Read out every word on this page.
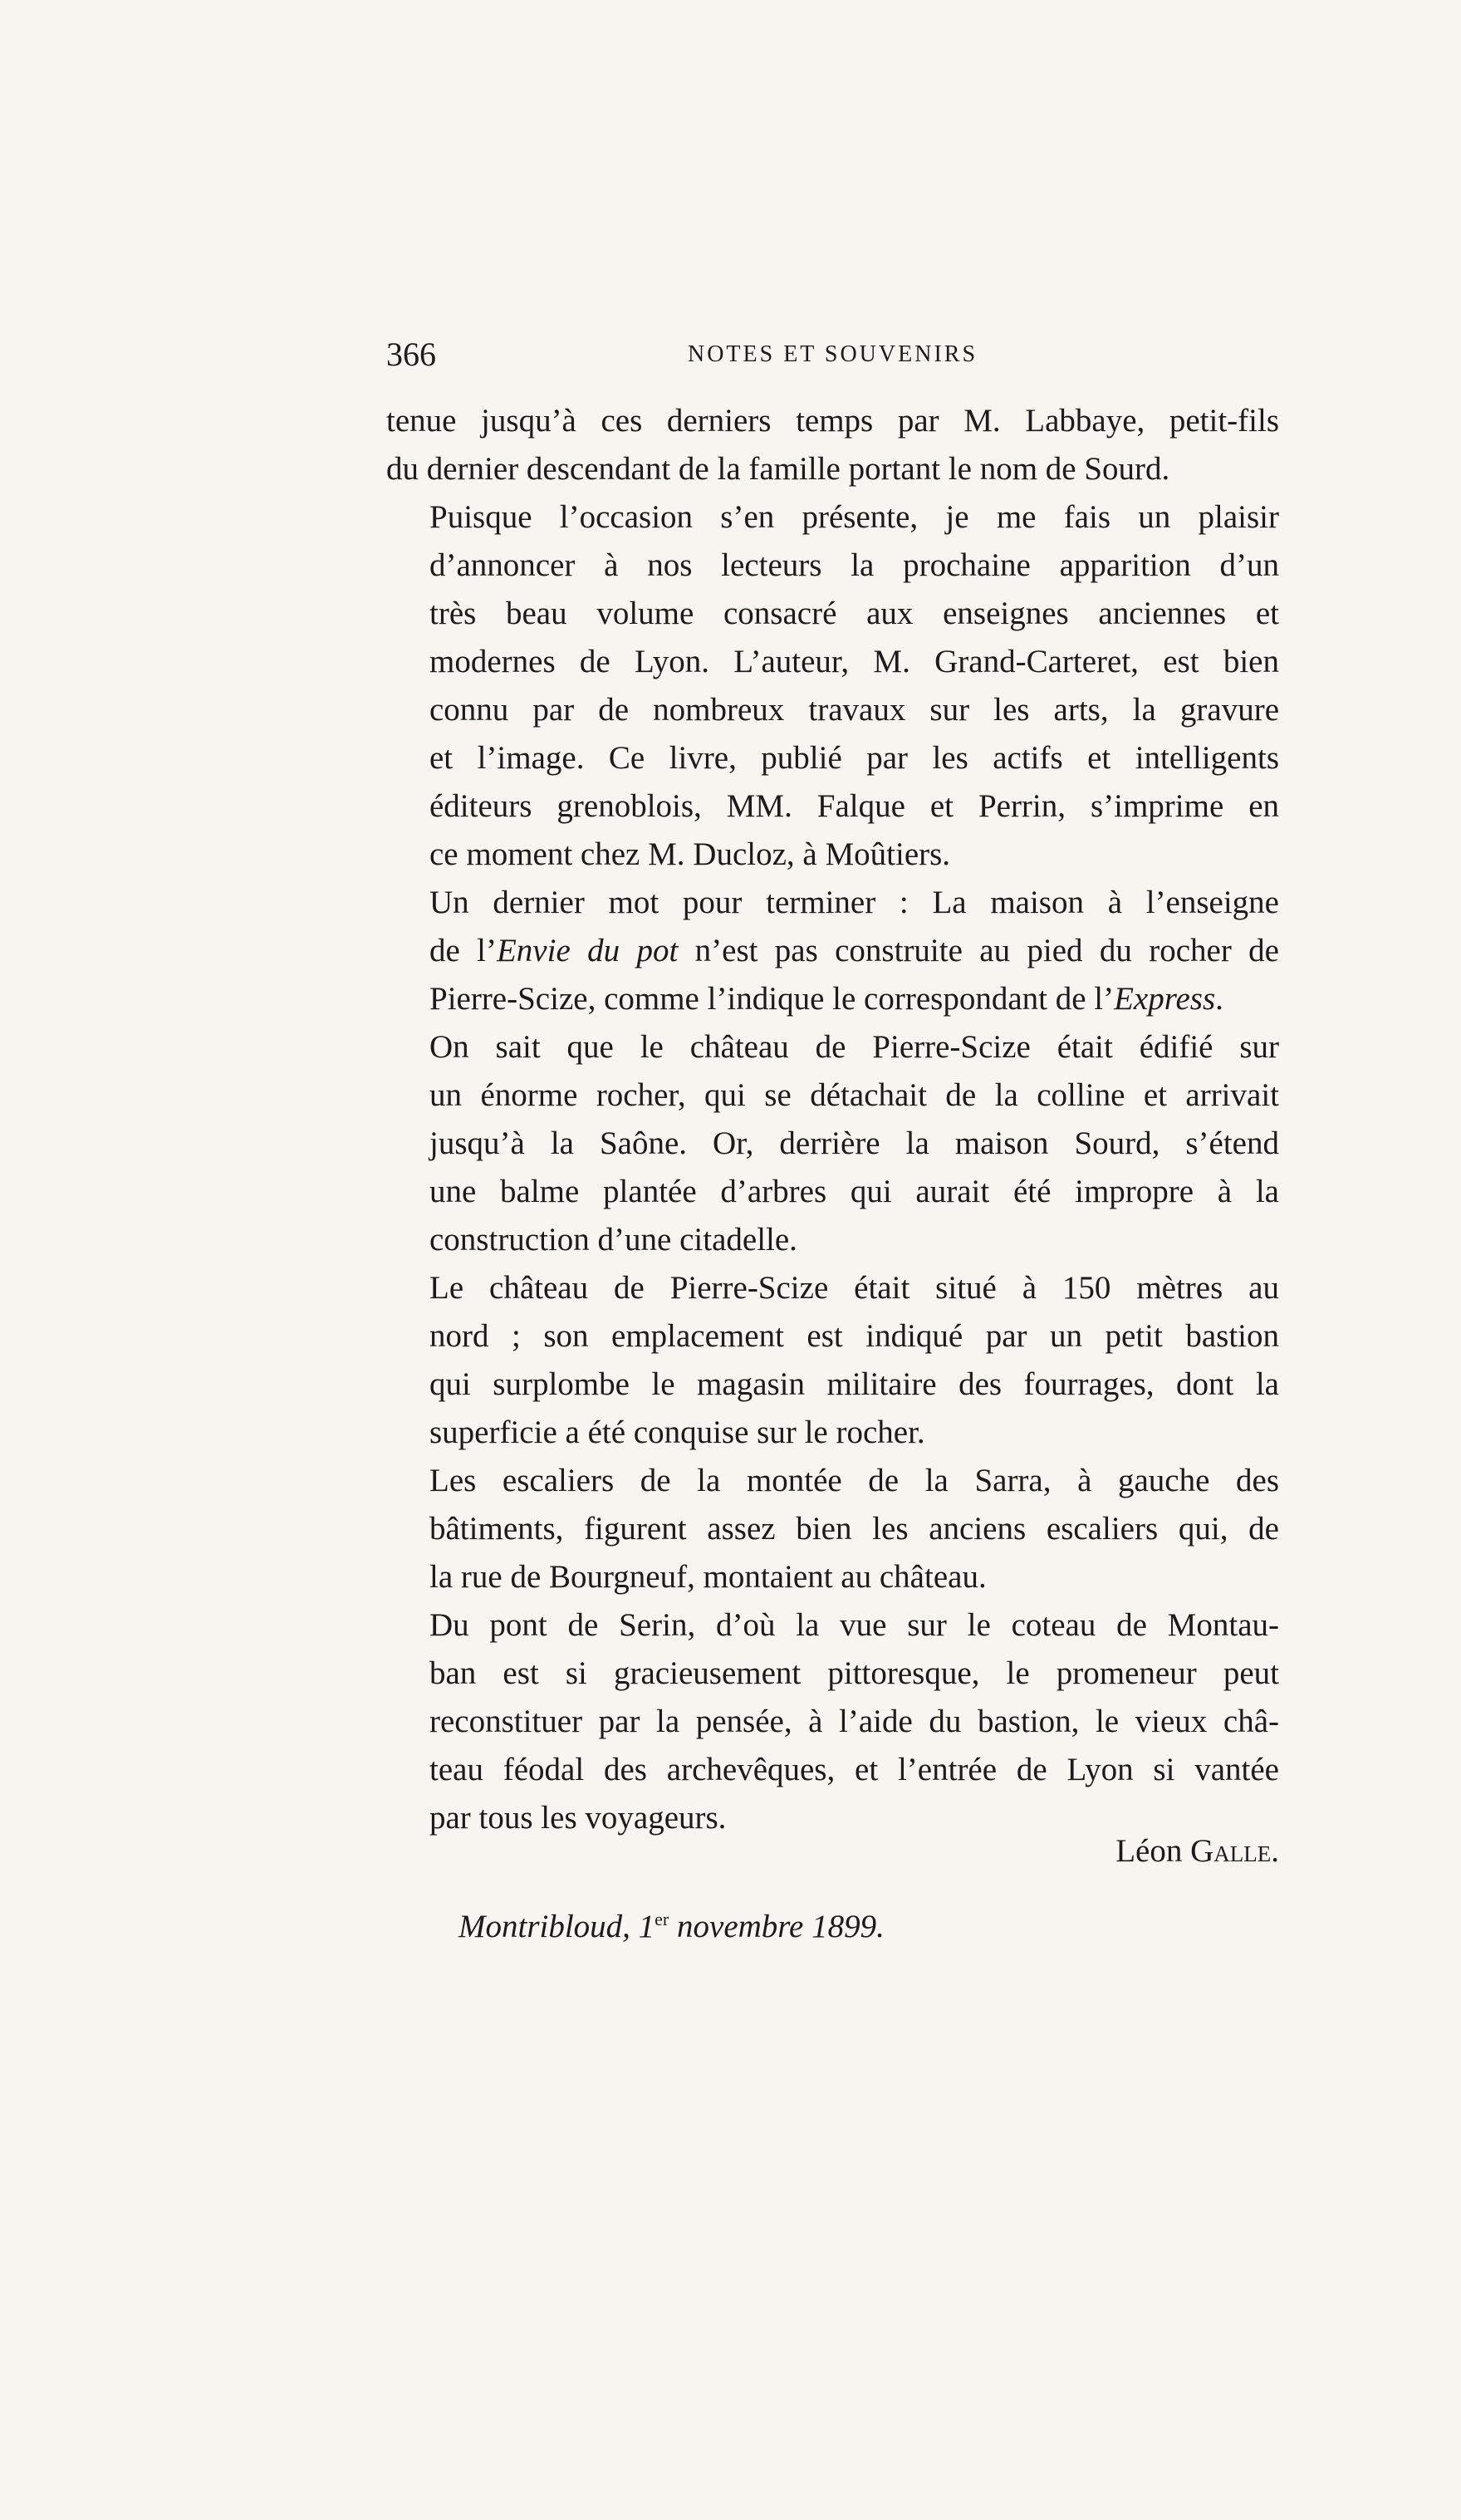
366	NOTES ET SOUVENIRS
tenue jusqu’à ces derniers temps par M. Labbaye, petit-fils
du dernier descendant de la famille portant le nom de Sourd.
Puisque l’occasion s’en présente, je me fais un plaisir
d’annoncer à nos lecteurs la prochaine apparition d’un
très beau volume consacré aux enseignes anciennes et
modernes de Lyon. L’auteur, M. Grand-Carteret, est bien
connu par de nombreux travaux sur les arts, la gravure
et l’image. Ce livre, publié par les actifs et intelligents
éditeurs grenoblois, MM. Falque et Perrin, s’imprime en
ce moment chez M. Ducloz, à Moûtiers.
Un dernier mot pour terminer : La maison à l’enseigne
de l’Envie du pot n’est pas construite au pied du rocher de
Pierre-Scize, comme l’indique le correspondant de l’Express.
On sait que le château de Pierre-Scize était édifié sur
un énorme rocher, qui se détachait de la colline et arrivait
jusqu’à la Saône. Or, derrière la maison Sourd, s’étend
une balme plantée d’arbres qui aurait été impropre à la
construction d’une citadelle.
Le château de Pierre-Scize était situé à 150 mètres au
nord ; son emplacement est indiqué par un petit bastion
qui surplombe le magasin militaire des fourrages, dont la
superficie a été conquise sur le rocher.
Les escaliers de la montée de la Sarra, à gauche des
bâtiments, figurent assez bien les anciens escaliers qui, de
la rue de Bourgneuf, montaient au château.
Du pont de Serin, d’où la vue sur le coteau de Montau-
ban est si gracieusement pittoresque, le promeneur peut
reconstituer par la pensée, à l’aide du bastion, le vieux châ-
teau féodal des archevêques, et l’entrée de Lyon si vantée
par tous les voyageurs.
Léon Galle.
Montribloud, 1er novembre 1899.
